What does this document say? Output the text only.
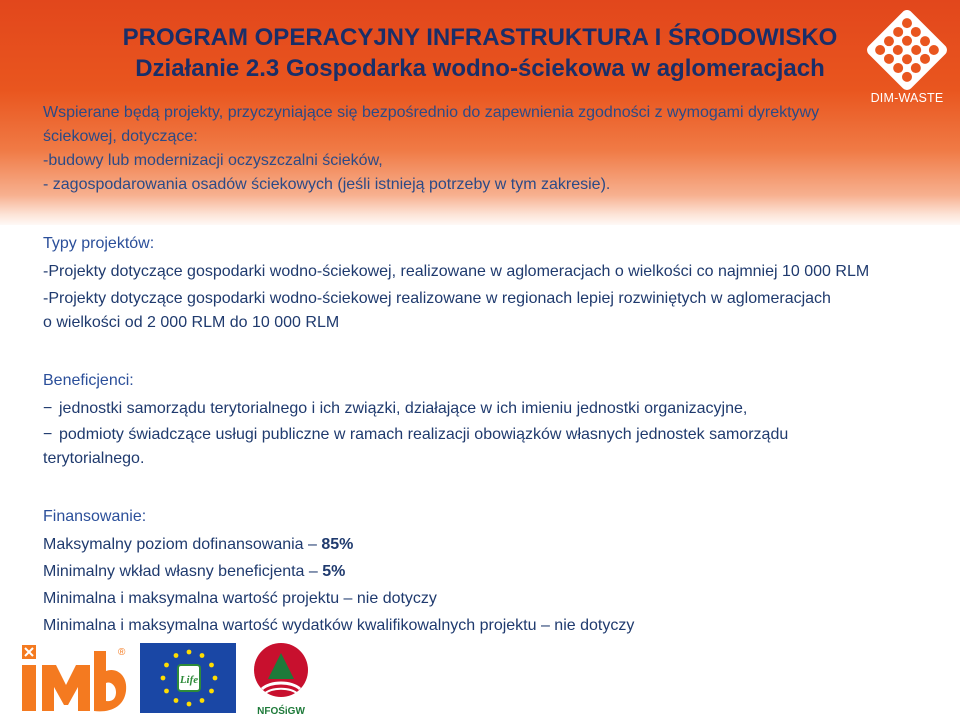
PROGRAM OPERACYJNY INFRASTRUKTURA I ŚRODOWISKO
Działanie 2.3 Gospodarka wodno-ściekowa w aglomeracjach
DIM-WASTE

Wspierane będą projekty, przyczyniające się bezpośrednio do zapewnienia zgodności z wymogami dyrektywy

ściekowej, dotyczące:

-budowy lub modernizacji oczyszczalni ścieków,

- zagospodarowania osadów ściekowych (jeśli istnieją potrzeby w tym zakresie).

Typy projektów:

-Projekty dotyczące gospodarki wodno-ściekowej, realizowane w aglomeracjach o wielkości co najmniej 10 000 RLM

-Projekty dotyczące gospodarki wodno-ściekowej realizowane w regionach lepiej rozwiniętych w aglomeracjach

o wielkości od 2 000 RLM do 10 000 RLM

Beneficjenci:

− jednostki samorządu terytorialnego i ich związki, działające w ich imieniu jednostki organizacyjne,

− podmioty świadczące usługi publiczne w ramach realizacji obowiązków własnych jednostek samorządu

terytorialnego.

Finansowanie:

Maksymalny poziom dofinansowania – 85%

Minimalny wkład własny beneficjenta – 5%

Minimalna i maksymalna wartość projektu – nie dotyczy

Minimalna i maksymalna wartość wydatków kwalifikowalnych projektu – nie dotyczy

®
Life
NFOŚiGW
